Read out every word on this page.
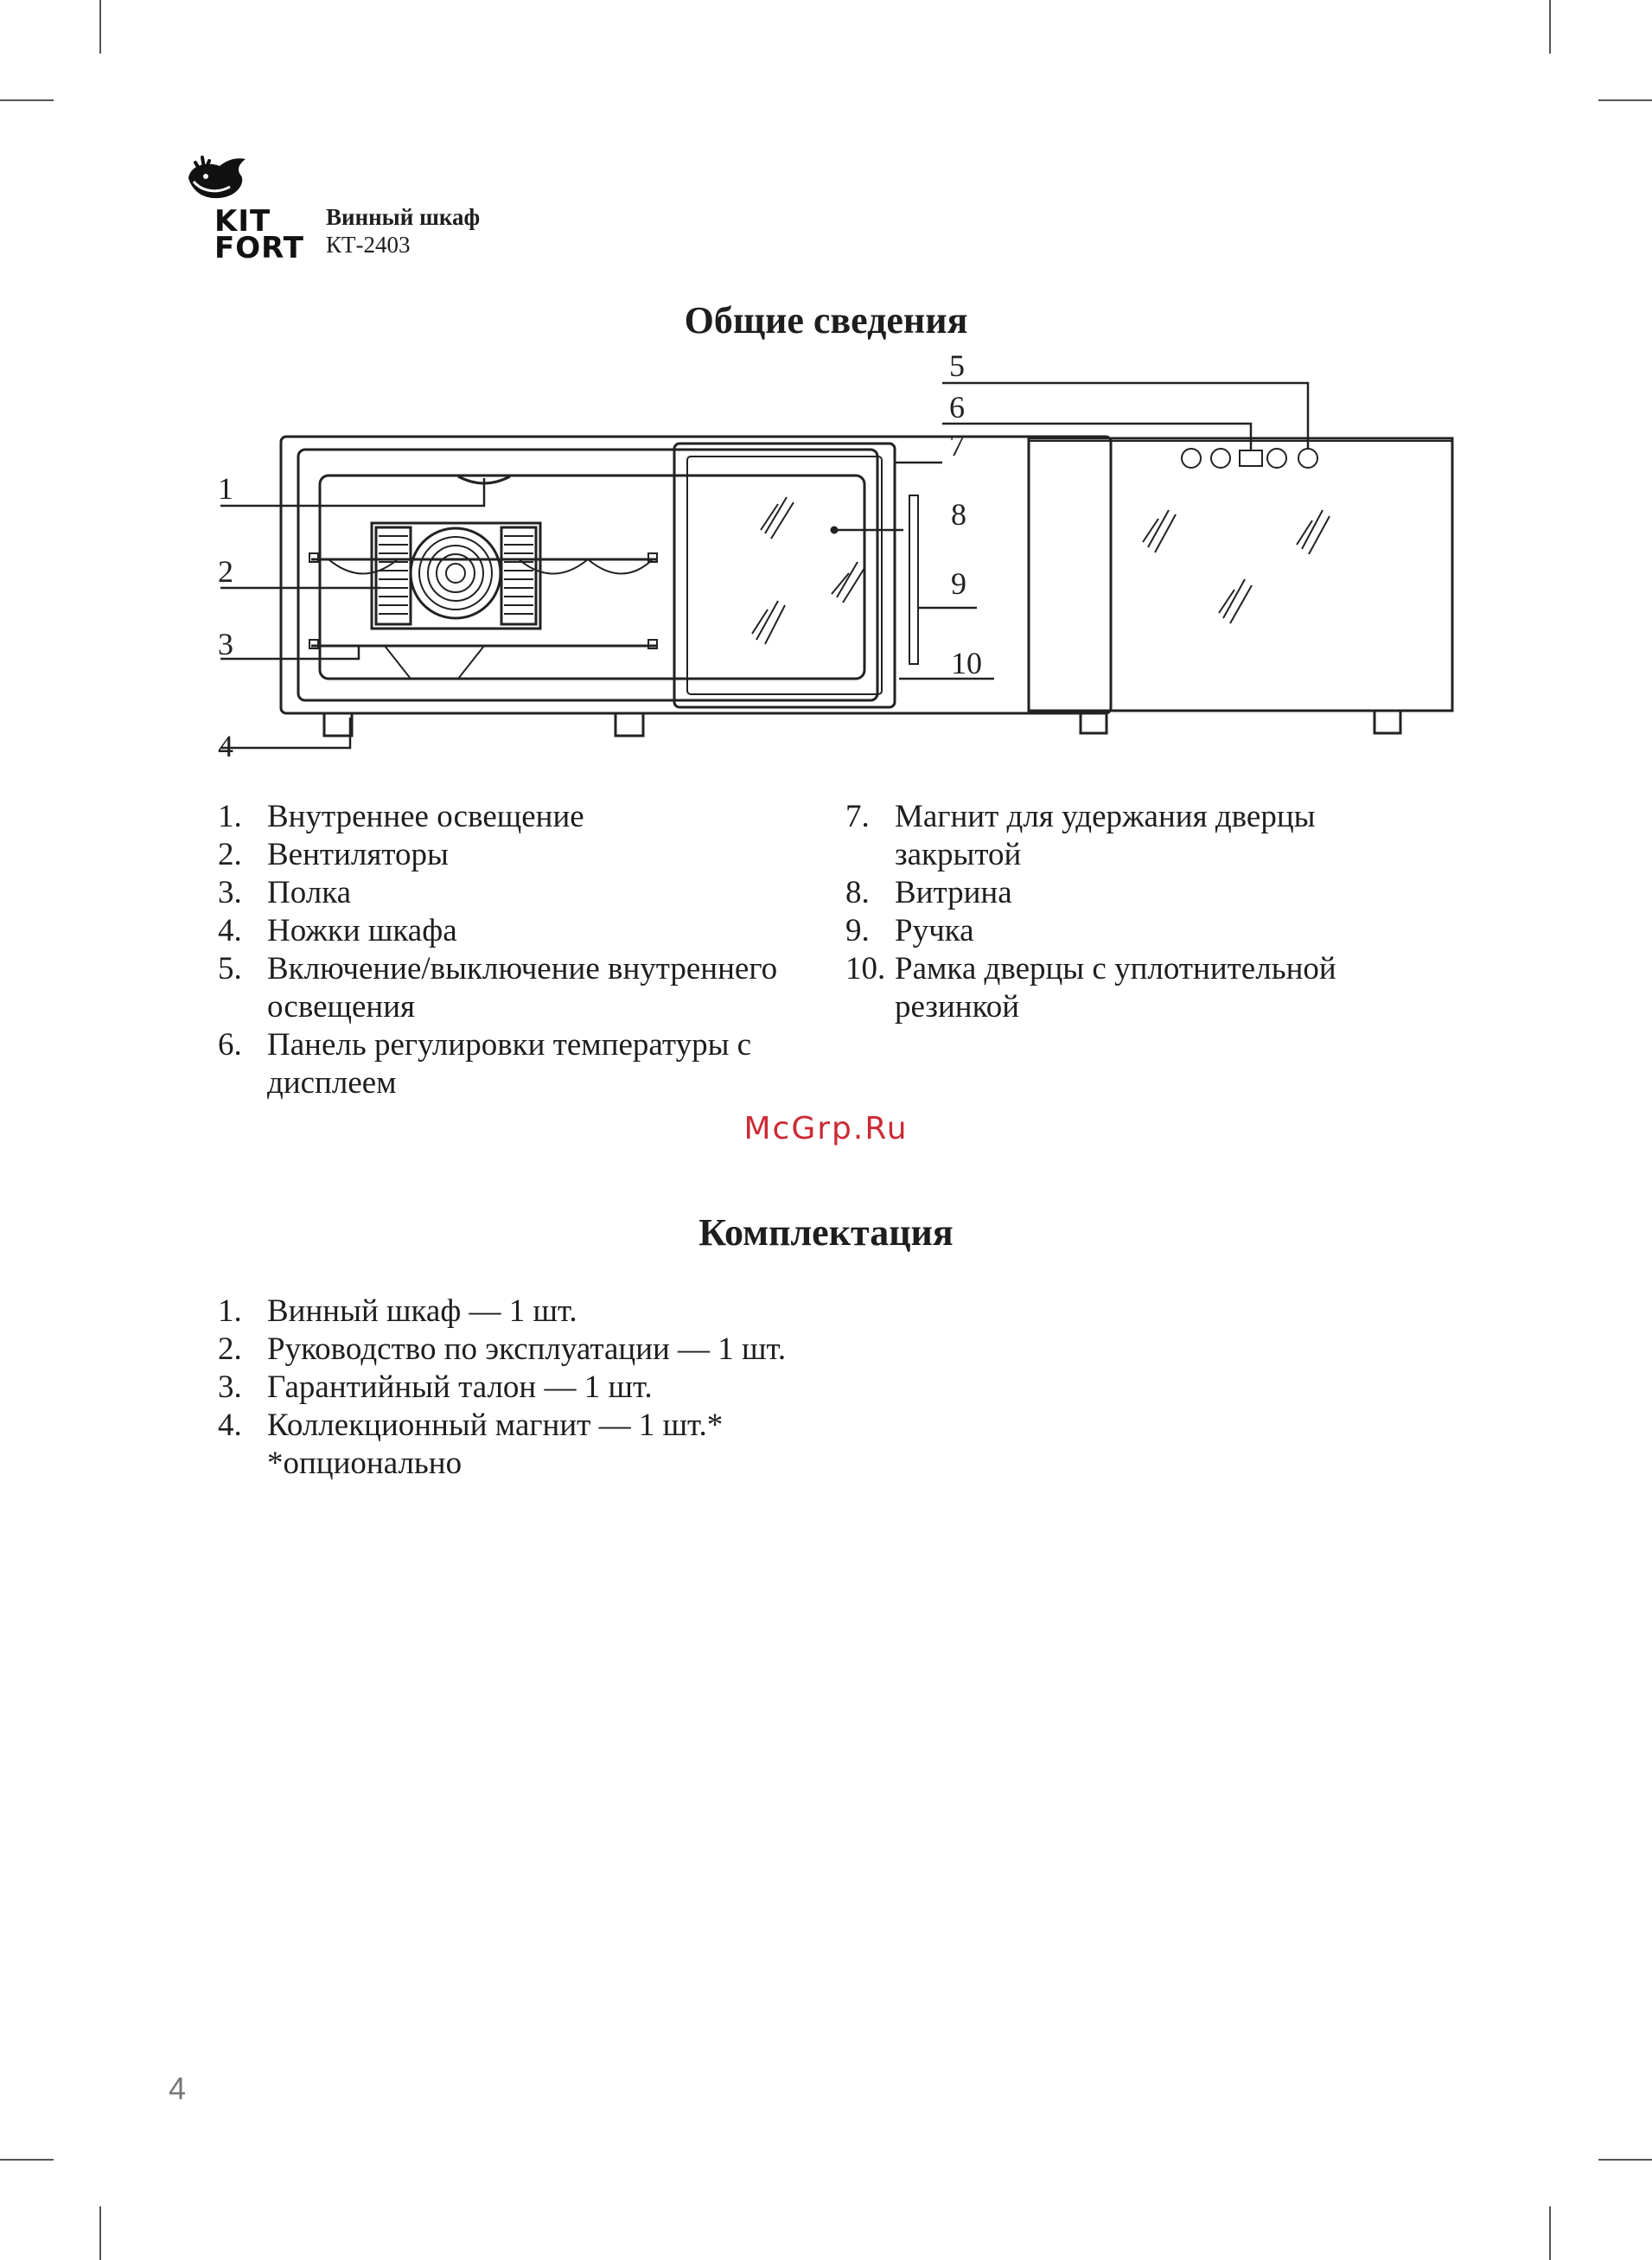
KIT
FORT
Винный шкаф
КТ-2403
Общие сведения
1
2
3
4
5
6
7
8
9
10
1. Внутреннее освещение
2. Вентиляторы
3. Полка
4. Ножки шкафа
5. Включение/выключение внутреннего освещения
6. Панель регулировки температуры с дисплеем
7. Магнит для удержания дверцы закрытой
8. Витрина
9. Ручка
10. Рамка дверцы с уплотнительной резинкой
McGrp.Ru
Комплектация
1. Винный шкаф — 1 шт.
2. Руководство по эксплуатации — 1 шт.
3. Гарантийный талон — 1 шт.
4. Коллекционный магнит — 1 шт.*
*опционально
4
